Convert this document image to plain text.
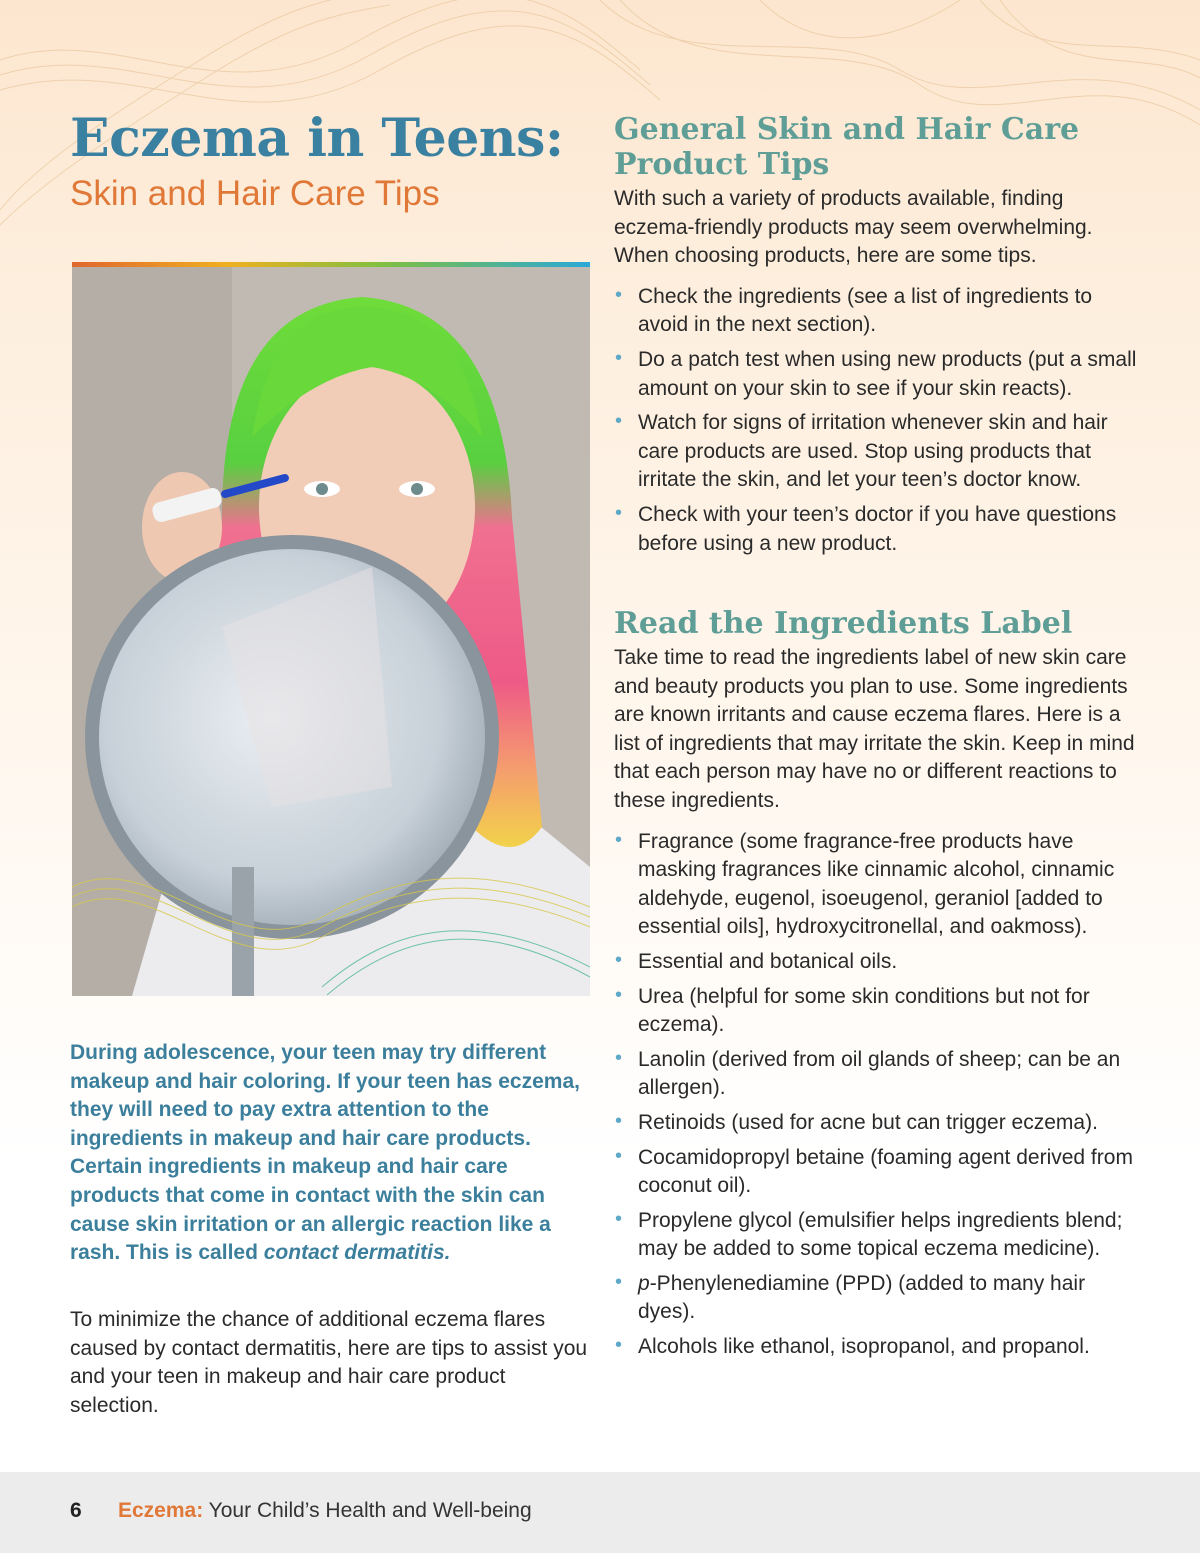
Eczema in Teens:
Skin and Hair Care Tips

During adolescence, your teen may try different makeup and hair coloring. If your teen has eczema, they will need to pay extra attention to the ingredients in makeup and hair care products. Certain ingredients in makeup and hair care products that come in contact with the skin can cause skin irritation or an allergic reaction like a rash. This is called contact dermatitis.

To minimize the chance of additional eczema flares caused by contact dermatitis, here are tips to assist you and your teen in makeup and hair care product selection.

General Skin and Hair Care
Product Tips

With such a variety of products available, finding eczema-friendly products may seem overwhelming. When choosing products, here are some tips.

• Check the ingredients (see a list of ingredients to avoid in the next section).
• Do a patch test when using new products (put a small amount on your skin to see if your skin reacts).
• Watch for signs of irritation whenever skin and hair care products are used. Stop using products that irritate the skin, and let your teen’s doctor know.
• Check with your teen’s doctor if you have questions before using a new product.
Read the Ingredients Label

Take time to read the ingredients label of new skin care and beauty products you plan to use. Some ingredients are known irritants and cause eczema flares. Here is a list of ingredients that may irritate the skin. Keep in mind that each person may have no or different reactions to these ingredients.

• Fragrance (some fragrance-free products have masking fragrances like cinnamic alcohol, cinnamic aldehyde, eugenol, isoeugenol, geraniol [added to essential oils], hydroxycitronellal, and oakmoss).
• Essential and botanical oils.
• Urea (helpful for some skin conditions but not for eczema).
• Lanolin (derived from oil glands of sheep; can be an allergen).
• Retinoids (used for acne but can trigger eczema).
• Cocamidopropyl betaine (foaming agent derived from coconut oil).
• Propylene glycol (emulsifier helps ingredients blend; may be added to some topical eczema medicine).
• p-Phenylenediamine (PPD) (added to many hair dyes).
• Alcohols like ethanol, isopropanol, and propanol.
6 Eczema: Your Child’s Health and Well-being
